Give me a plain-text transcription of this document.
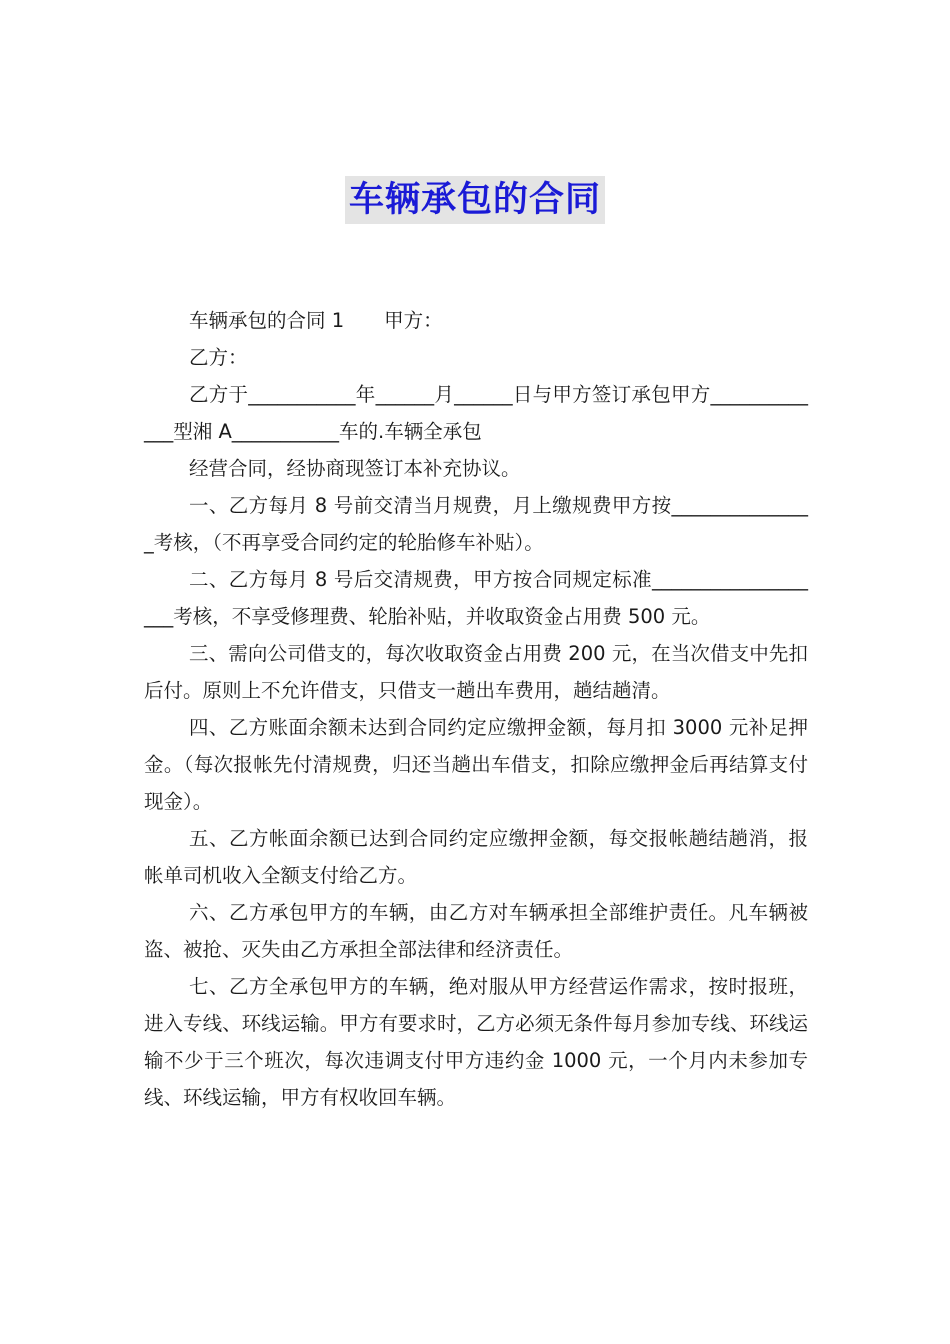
车辆承包的合同

车辆承包的合同 1 甲方：

乙方：

乙方于___________年______月______日与甲方签订承包甲方_____________型湘 A___________车的.车辆全承包

经营合同，经协商现签订本补充协议。

一、乙方每月 8 号前交清当月规费，月上缴规费甲方按_______________考核，（不再享受合同约定的轮胎修车补贴）。

二、乙方每月 8 号后交清规费，甲方按合同规定标准___________________考核，不享受修理费、轮胎补贴，并收取资金占用费 500 元。

三、需向公司借支的，每次收取资金占用费 200 元，在当次借支中先扣后付。原则上不允许借支，只借支一趟出车费用，趟结趟清。

四、乙方账面余额未达到合同约定应缴押金额，每月扣 3000 元补足押金。（每次报帐先付清规费，归还当趟出车借支，扣除应缴押金后再结算支付现金）。

五、乙方帐面余额已达到合同约定应缴押金额，每交报帐趟结趟消，报帐单司机收入全额支付给乙方。

六、乙方承包甲方的车辆，由乙方对车辆承担全部维护责任。凡车辆被盗、被抢、灭失由乙方承担全部法律和经济责任。

七、乙方全承包甲方的车辆，绝对服从甲方经营运作需求，按时报班，进入专线、环线运输。甲方有要求时，乙方必须无条件每月参加专线、环线运输不少于三个班次，每次违调支付甲方违约金 1000 元，一个月内未参加专线、环线运输，甲方有权收回车辆。
